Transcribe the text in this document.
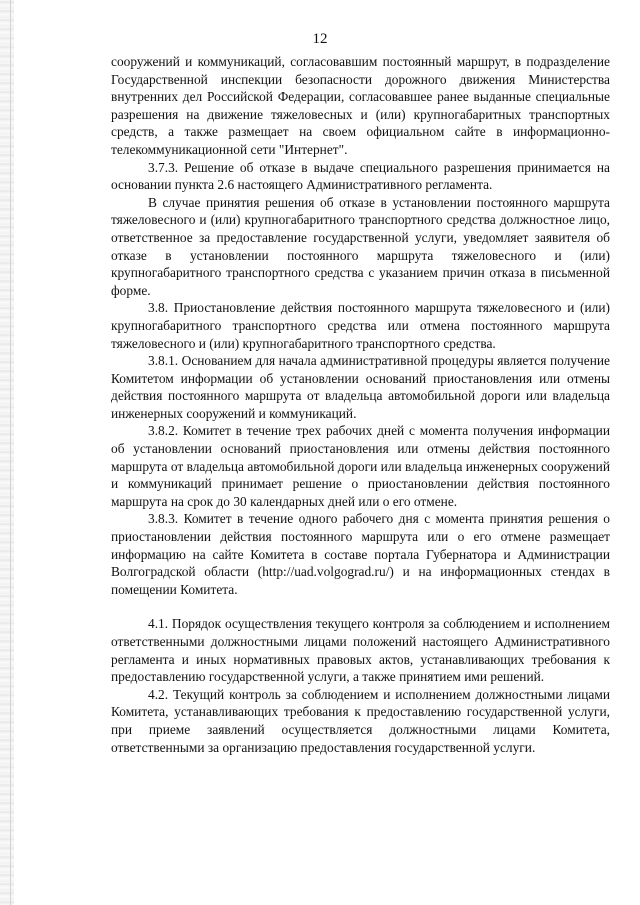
12

сооружений и коммуникаций, согласовавшим постоянный маршрут, в подразделение Государственной инспекции безопасности дорожного движения Министерства внутренних дел Российской Федерации, согласовавшее ранее выданные специальные разрешения на движение тяжеловесных и (или) крупногабаритных транспортных средств, а также размещает на своем официальном сайте в информационно-телекоммуникационной сети "Интернет".

3.7.3. Решение об отказе в выдаче специального разрешения принимается на основании пункта 2.6 настоящего Административного регламента.

В случае принятия решения об отказе в установлении постоянного маршрута тяжеловесного и (или) крупногабаритного транспортного средства должностное лицо, ответственное за предоставление государственной услуги, уведомляет заявителя об отказе в установлении постоянного маршрута тяжеловесного и (или) крупногабаритного транспортного средства с указанием причин отказа в письменной форме.

3.8. Приостановление действия постоянного маршрута тяжеловесного и (или) крупногабаритного транспортного средства или отмена постоянного маршрута тяжеловесного и (или) крупногабаритного транспортного средства.

3.8.1. Основанием для начала административной процедуры является получение Комитетом информации об установлении оснований приостановления или отмены действия постоянного маршрута от владельца автомобильной дороги или владельца инженерных сооружений и коммуникаций.

3.8.2. Комитет в течение трех рабочих дней с момента получения информации об установлении оснований приостановления или отмены действия постоянного маршрута от владельца автомобильной дороги или владельца инженерных сооружений и коммуникаций принимает решение о приостановлении действия постоянного маршрута на срок до 30 календарных дней или о его отмене.

3.8.3. Комитет в течение одного рабочего дня с момента принятия решения о приостановлении действия постоянного маршрута или о его отмене размещает информацию на сайте Комитета в составе портала Губернатора и Администрации Волгоградской области (http://uad.volgograd.ru/) и на информационных стендах в помещении Комитета.

4.1. Порядок осуществления текущего контроля за соблюдением и исполнением ответственными должностными лицами положений настоящего Административного регламента и иных нормативных правовых актов, устанавливающих требования к предоставлению государственной услуги, а также принятием ими решений.

4.2. Текущий контроль за соблюдением и исполнением должностными лицами Комитета, устанавливающих требования к предоставлению государственной услуги, при приеме заявлений осуществляется должностными лицами Комитета, ответственными за организацию предоставления государственной услуги.
